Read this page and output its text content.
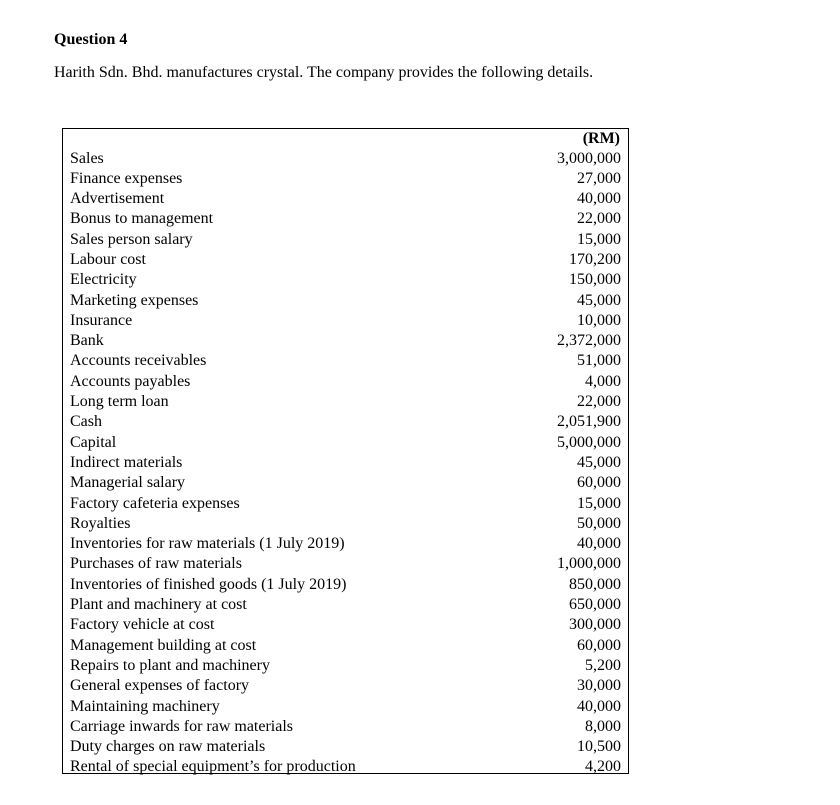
Question 4
Harith Sdn. Bhd. manufactures crystal. The company provides the following details.
(RM)
Sales	3,000,000
Finance expenses	27,000
Advertisement	40,000
Bonus to management	22,000
Sales person salary	15,000
Labour cost	170,200
Electricity	150,000
Marketing expenses	45,000
Insurance	10,000
Bank	2,372,000
Accounts receivables	51,000
Accounts payables	4,000
Long term loan	22,000
Cash	2,051,900
Capital	5,000,000
Indirect materials	45,000
Managerial salary	60,000
Factory cafeteria expenses	15,000
Royalties	50,000
Inventories for raw materials (1 July 2019)	40,000
Purchases of raw materials	1,000,000
Inventories of finished goods (1 July 2019)	850,000
Plant and machinery at cost	650,000
Factory vehicle at cost	300,000
Management building at cost	60,000
Repairs to plant and machinery	5,200
General expenses of factory	30,000
Maintaining machinery	40,000
Carriage inwards for raw materials	8,000
Duty charges on raw materials	10,500
Rental of special equipment’s for production	4,200
